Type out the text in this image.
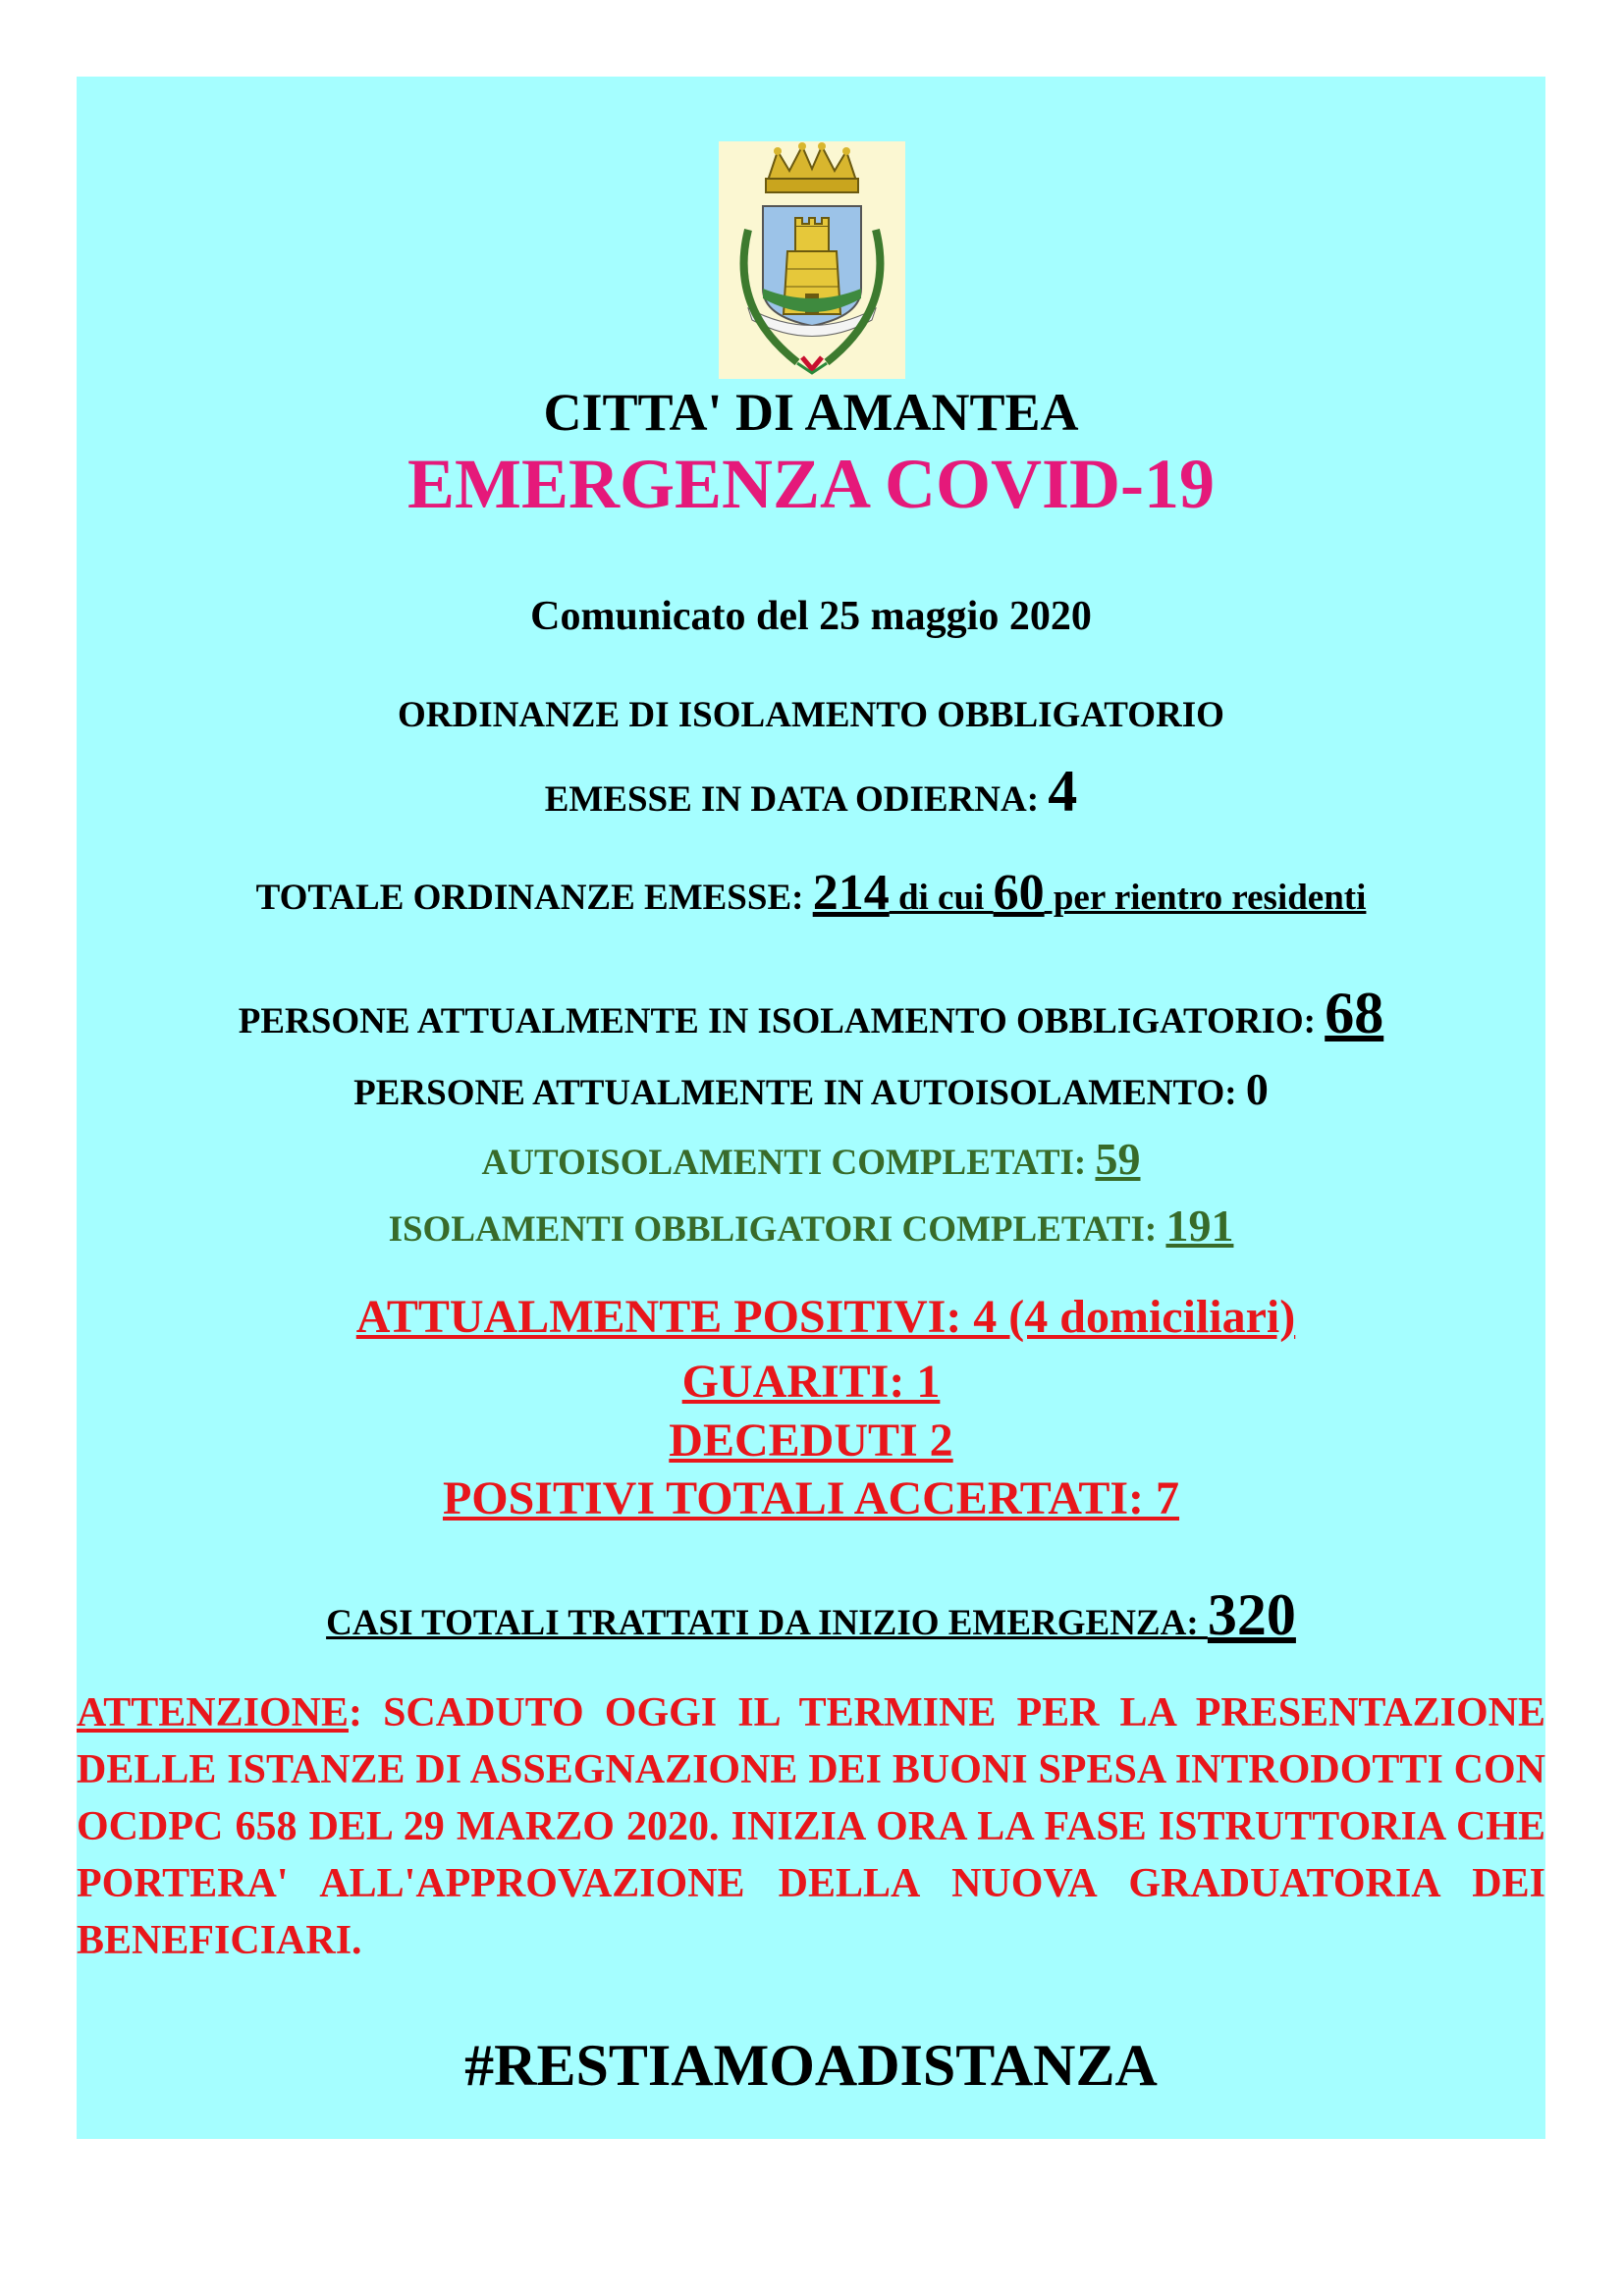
CITTA' DI AMANTEA
EMERGENZA COVID-19
Comunicato del 25 maggio 2020
ORDINANZE DI ISOLAMENTO OBBLIGATORIO
EMESSE IN DATA ODIERNA: 4
TOTALE ORDINANZE EMESSE: 214 di cui 60 per rientro residenti
PERSONE ATTUALMENTE IN ISOLAMENTO OBBLIGATORIO: 68
PERSONE ATTUALMENTE IN AUTOISOLAMENTO: 0
AUTOISOLAMENTI COMPLETATI: 59
ISOLAMENTI OBBLIGATORI COMPLETATI: 191
ATTUALMENTE POSITIVI: 4 (4 domiciliari)
GUARITI: 1
DECEDUTI 2
POSITIVI TOTALI ACCERTATI: 7
CASI TOTALI TRATTATI DA INIZIO EMERGENZA: 320
ATTENZIONE: SCADUTO OGGI IL TERMINE PER LA PRESENTAZIONE DELLE ISTANZE DI ASSEGNAZIONE DEI BUONI SPESA INTRODOTTI CON OCDPC 658 DEL 29 MARZO 2020. INIZIA ORA LA FASE ISTRUTTORIA CHE PORTERA' ALL'APPROVAZIONE DELLA NUOVA GRADUATORIA DEI BENEFICIARI.
#RESTIAMOADISTANZA
